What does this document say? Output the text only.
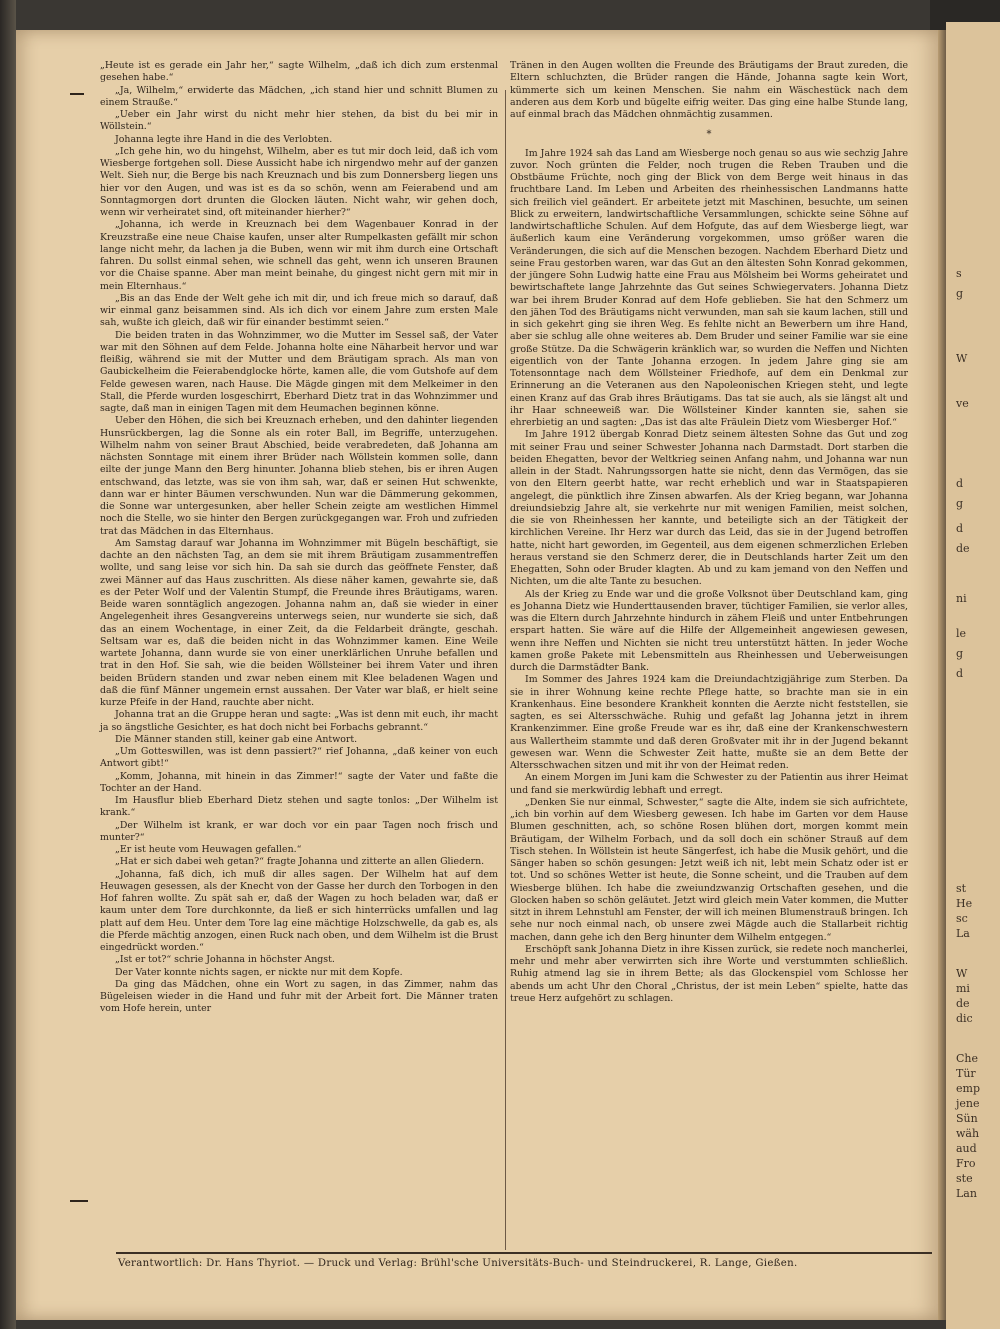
s
g
W
ve
d
g
d
de
ni
le
g
d
st
He
sc
La
W
mi
de
dic
Che
Tür
emp
jene
Sün
wäh
aud
Fro
ste
Lan

„Heute ist es gerade ein Jahr her,“ sagte Wilhelm, „daß ich dich zum erstenmal gesehen habe.“

„Ja, Wilhelm,“ erwiderte das Mädchen, „ich stand hier und schnitt Blumen zu einem Strauße.“

„Ueber ein Jahr wirst du nicht mehr hier stehen, da bist du bei mir in Wöllstein.“

Johanna legte ihre Hand in die des Verlobten.

„Ich gehe hin, wo du hingehst, Wilhelm, aber es tut mir doch leid, daß ich vom Wiesberge fortgehen soll. Diese Aussicht habe ich nirgendwo mehr auf der ganzen Welt. Sieh nur, die Berge bis nach Kreuznach und bis zum Donnersberg liegen uns hier vor den Augen, und was ist es da so schön, wenn am Feierabend und am Sonntagmorgen dort drunten die Glocken läuten. Nicht wahr, wir gehen doch, wenn wir verheiratet sind, oft miteinander hierher?“

„Johanna, ich werde in Kreuznach bei dem Wagenbauer Konrad in der Kreuzstraße eine neue Chaise kaufen, unser alter Rumpelkasten gefällt mir schon lange nicht mehr, da lachen ja die Buben, wenn wir mit ihm durch eine Ortschaft fahren. Du sollst einmal sehen, wie schnell das geht, wenn ich unseren Braunen vor die Chaise spanne. Aber man meint beinahe, du gingest nicht gern mit mir in mein Elternhaus.“

„Bis an das Ende der Welt gehe ich mit dir, und ich freue mich so darauf, daß wir einmal ganz beisammen sind. Als ich dich vor einem Jahre zum ersten Male sah, wußte ich gleich, daß wir für einander bestimmt seien.“

Die beiden traten in das Wohnzimmer, wo die Mutter im Sessel saß, der Vater war mit den Söhnen auf dem Felde. Johanna holte eine Näharbeit hervor und war fleißig, während sie mit der Mutter und dem Bräutigam sprach. Als man von Gaubickelheim die Feierabendglocke hörte, kamen alle, die vom Gutshofe auf dem Felde gewesen waren, nach Hause. Die Mägde gingen mit dem Melkeimer in den Stall, die Pferde wurden losgeschirrt, Eberhard Dietz trat in das Wohnzimmer und sagte, daß man in einigen Tagen mit dem Heumachen beginnen könne.

Ueber den Höhen, die sich bei Kreuznach erheben, und den dahinter liegenden Hunsrückbergen, lag die Sonne als ein roter Ball, im Begriffe, unterzugehen. Wilhelm nahm von seiner Braut Abschied, beide verabredeten, daß Johanna am nächsten Sonntage mit einem ihrer Brüder nach Wöllstein kommen solle, dann eilte der junge Mann den Berg hinunter. Johanna blieb stehen, bis er ihren Augen entschwand, das letzte, was sie von ihm sah, war, daß er seinen Hut schwenkte, dann war er hinter Bäumen verschwunden. Nun war die Dämmerung gekommen, die Sonne war untergesunken, aber heller Schein zeigte am westlichen Himmel noch die Stelle, wo sie hinter den Bergen zurückgegangen war. Froh und zufrieden trat das Mädchen in das Elternhaus.

Am Samstag darauf war Johanna im Wohnzimmer mit Bügeln beschäftigt, sie dachte an den nächsten Tag, an dem sie mit ihrem Bräutigam zusammentreffen wollte, und sang leise vor sich hin. Da sah sie durch das geöffnete Fenster, daß zwei Männer auf das Haus zuschritten. Als diese näher kamen, gewahrte sie, daß es der Peter Wolf und der Valentin Stumpf, die Freunde ihres Bräutigams, waren. Beide waren sonntäglich angezogen. Johanna nahm an, daß sie wieder in einer Angelegenheit ihres Gesangvereins unterwegs seien, nur wunderte sie sich, daß das an einem Wochentage, in einer Zeit, da die Feldarbeit drängte, geschah. Seltsam war es, daß die beiden nicht in das Wohnzimmer kamen. Eine Weile wartete Johanna, dann wurde sie von einer unerklärlichen Unruhe befallen und trat in den Hof. Sie sah, wie die beiden Wöllsteiner bei ihrem Vater und ihren beiden Brüdern standen und zwar neben einem mit Klee beladenen Wagen und daß die fünf Männer ungemein ernst aussahen. Der Vater war blaß, er hielt seine kurze Pfeife in der Hand, rauchte aber nicht.

Johanna trat an die Gruppe heran und sagte: „Was ist denn mit euch, ihr macht ja so ängstliche Gesichter, es hat doch nicht bei Forbachs gebrannt.“

Die Männer standen still, keiner gab eine Antwort.

„Um Gotteswillen, was ist denn passiert?“ rief Johanna, „daß keiner von euch Antwort gibt!“

„Komm, Johanna, mit hinein in das Zimmer!“ sagte der Vater und faßte die Tochter an der Hand.

Im Hausflur blieb Eberhard Dietz stehen und sagte tonlos: „Der Wilhelm ist krank.“

„Der Wilhelm ist krank, er war doch vor ein paar Tagen noch frisch und munter?“

„Er ist heute vom Heuwagen gefallen.“

„Hat er sich dabei weh getan?“ fragte Johanna und zitterte an allen Gliedern.

„Johanna, faß dich, ich muß dir alles sagen. Der Wilhelm hat auf dem Heuwagen gesessen, als der Knecht von der Gasse her durch den Torbogen in den Hof fahren wollte. Zu spät sah er, daß der Wagen zu hoch beladen war, daß er kaum unter dem Tore durchkonnte, da ließ er sich hinterrücks umfallen und lag platt auf dem Heu. Unter dem Tore lag eine mächtige Holzschwelle, da gab es, als die Pferde mächtig anzogen, einen Ruck nach oben, und dem Wilhelm ist die Brust eingedrückt worden.“

„Ist er tot?“ schrie Johanna in höchster Angst.

Der Vater konnte nichts sagen, er nickte nur mit dem Kopfe.

Da ging das Mädchen, ohne ein Wort zu sagen, in das Zimmer, nahm das Bügeleisen wieder in die Hand und fuhr mit der Arbeit fort. Die Männer traten vom Hofe herein, unter

Tränen in den Augen wollten die Freunde des Bräutigams der Braut zureden, die Eltern schluchzten, die Brüder rangen die Hände, Johanna sagte kein Wort, kümmerte sich um keinen Menschen. Sie nahm ein Wäschestück nach dem anderen aus dem Korb und bügelte eifrig weiter. Das ging eine halbe Stunde lang, auf einmal brach das Mädchen ohnmächtig zusammen.

*

Im Jahre 1924 sah das Land am Wiesberge noch genau so aus wie sechzig Jahre zuvor. Noch grünten die Felder, noch trugen die Reben Trauben und die Obstbäume Früchte, noch ging der Blick von dem Berge weit hinaus in das fruchtbare Land. Im Leben und Arbeiten des rheinhessischen Landmanns hatte sich freilich viel geändert. Er arbeitete jetzt mit Maschinen, besuchte, um seinen Blick zu erweitern, landwirtschaftliche Versammlungen, schickte seine Söhne auf landwirtschaftliche Schulen. Auf dem Hofgute, das auf dem Wiesberge liegt, war äußerlich kaum eine Veränderung vorgekommen, umso größer waren die Veränderungen, die sich auf die Menschen bezogen. Nachdem Eberhard Dietz und seine Frau gestorben waren, war das Gut an den ältesten Sohn Konrad gekommen, der jüngere Sohn Ludwig hatte eine Frau aus Mölsheim bei Worms geheiratet und bewirtschaftete lange Jahrzehnte das Gut seines Schwiegervaters. Johanna Dietz war bei ihrem Bruder Konrad auf dem Hofe geblieben. Sie hat den Schmerz um den jähen Tod des Bräutigams nicht verwunden, man sah sie kaum lachen, still und in sich gekehrt ging sie ihren Weg. Es fehlte nicht an Bewerbern um ihre Hand, aber sie schlug alle ohne weiteres ab. Dem Bruder und seiner Familie war sie eine große Stütze. Da die Schwägerin kränklich war, so wurden die Neffen und Nichten eigentlich von der Tante Johanna erzogen. In jedem Jahre ging sie am Totensonntage nach dem Wöllsteiner Friedhofe, auf dem ein Denkmal zur Erinnerung an die Veteranen aus den Napoleonischen Kriegen steht, und legte einen Kranz auf das Grab ihres Bräutigams. Das tat sie auch, als sie längst alt und ihr Haar schneeweiß war. Die Wöllsteiner Kinder kannten sie, sahen sie ehrerbietig an und sagten: „Das ist das alte Fräulein Dietz vom Wiesberger Hof.“

Im Jahre 1912 übergab Konrad Dietz seinem ältesten Sohne das Gut und zog mit seiner Frau und seiner Schwester Johanna nach Darmstadt. Dort starben die beiden Ehegatten, bevor der Weltkrieg seinen Anfang nahm, und Johanna war nun allein in der Stadt. Nahrungssorgen hatte sie nicht, denn das Vermögen, das sie von den Eltern geerbt hatte, war recht erheblich und war in Staatspapieren angelegt, die pünktlich ihre Zinsen abwarfen. Als der Krieg begann, war Johanna dreiundsiebzig Jahre alt, sie verkehrte nur mit wenigen Familien, meist solchen, die sie von Rheinhessen her kannte, und beteiligte sich an der Tätigkeit der kirchlichen Vereine. Ihr Herz war durch das Leid, das sie in der Jugend betroffen hatte, nicht hart geworden, im Gegenteil, aus dem eigenen schmerzlichen Erleben heraus verstand sie den Schmerz derer, die in Deutschlands harter Zeit um den Ehegatten, Sohn oder Bruder klagten. Ab und zu kam jemand von den Neffen und Nichten, um die alte Tante zu besuchen.

Als der Krieg zu Ende war und die große Volksnot über Deutschland kam, ging es Johanna Dietz wie Hunderttausenden braver, tüchtiger Familien, sie verlor alles, was die Eltern durch Jahrzehnte hindurch in zähem Fleiß und unter Entbehrungen erspart hatten. Sie wäre auf die Hilfe der Allgemeinheit angewiesen gewesen, wenn ihre Neffen und Nichten sie nicht treu unterstützt hätten. In jeder Woche kamen große Pakete mit Lebensmitteln aus Rheinhessen und Ueberweisungen durch die Darmstädter Bank.

Im Sommer des Jahres 1924 kam die Dreiundachtzigjährige zum Sterben. Da sie in ihrer Wohnung keine rechte Pflege hatte, so brachte man sie in ein Krankenhaus. Eine besondere Krankheit konnten die Aerzte nicht feststellen, sie sagten, es sei Altersschwäche. Ruhig und gefaßt lag Johanna jetzt in ihrem Krankenzimmer. Eine große Freude war es ihr, daß eine der Krankenschwestern aus Wallertheim stammte und daß deren Großvater mit ihr in der Jugend bekannt gewesen war. Wenn die Schwester Zeit hatte, mußte sie an dem Bette der Altersschwachen sitzen und mit ihr von der Heimat reden.

An einem Morgen im Juni kam die Schwester zu der Patientin aus ihrer Heimat und fand sie merkwürdig lebhaft und erregt.

„Denken Sie nur einmal, Schwester,“ sagte die Alte, indem sie sich aufrichtete, „ich bin vorhin auf dem Wiesberg gewesen. Ich habe im Garten vor dem Hause Blumen geschnitten, ach, so schöne Rosen blühen dort, morgen kommt mein Bräutigam, der Wilhelm Forbach, und da soll doch ein schöner Strauß auf dem Tisch stehen. In Wöllstein ist heute Sängerfest, ich habe die Musik gehört, und die Sänger haben so schön gesungen: Jetzt weiß ich nit, lebt mein Schatz oder ist er tot. Und so schönes Wetter ist heute, die Sonne scheint, und die Trauben auf dem Wiesberge blühen. Ich habe die zweiundzwanzig Ortschaften gesehen, und die Glocken haben so schön geläutet. Jetzt wird gleich mein Vater kommen, die Mutter sitzt in ihrem Lehnstuhl am Fenster, der will ich meinen Blumenstrauß bringen. Ich sehe nur noch einmal nach, ob unsere zwei Mägde auch die Stallarbeit richtig machen, dann gehe ich den Berg hinunter dem Wilhelm entgegen.“

Erschöpft sank Johanna Dietz in ihre Kissen zurück, sie redete noch mancherlei, mehr und mehr aber verwirrten sich ihre Worte und verstummten schließlich. Ruhig atmend lag sie in ihrem Bette; als das Glockenspiel vom Schlosse her abends um acht Uhr den Choral „Christus, der ist mein Leben“ spielte, hatte das treue Herz aufgehört zu schlagen.

Verantwortlich: Dr. Hans Thyriot. — Druck und Verlag: Brühl'sche Universitäts-Buch- und Steindruckerei, R. Lange, Gießen.
